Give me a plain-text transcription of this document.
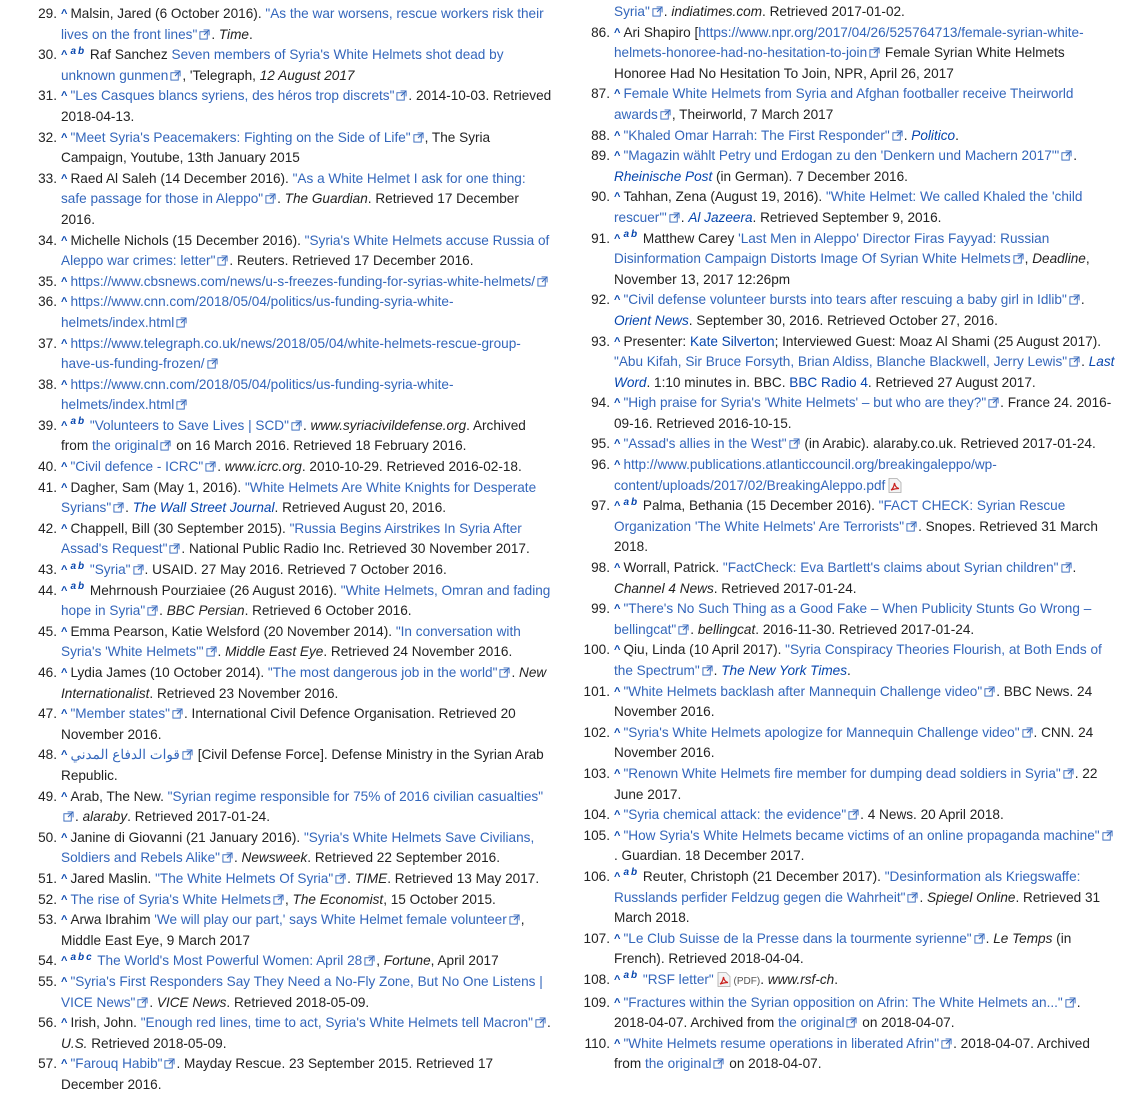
29. ^ Malsin, Jared (6 October 2016). "As the war worsens, rescue workers risk their lives on the front lines" . Time.
30. ^ $^a$ $^b$ Raf Sanchez Seven members of Syria's White Helmets shot dead by unknown gunmen , 'Telegraph, 12 August 2017
31. ^ "Les Casques blancs syriens, des héros trop discrets" . 2014-10-03. Retrieved 2018-04-13.
32. ^ "Meet Syria's Peacemakers: Fighting on the Side of Life" , The Syria Campaign, Youtube, 13th January 2015
33. ^ Raed Al Saleh (14 December 2016). "As a White Helmet I ask for one thing: safe passage for those in Aleppo" . The Guardian. Retrieved 17 December 2016.
34. ^ Michelle Nichols (15 December 2016). "Syria's White Helmets accuse Russia of Aleppo war crimes: letter" . Reuters. Retrieved 17 December 2016.
35. ^ https://www.cbsnews.com/news/u-s-freezes-funding-for-syrias-white-helmets/
36. ^ https://www.cnn.com/2018/05/04/politics/us-funding-syria-white-helmets/index.html
37. ^ https://www.telegraph.co.uk/news/2018/05/04/white-helmets-rescue-group-have-us-funding-frozen/
38. ^ https://www.cnn.com/2018/05/04/politics/us-funding-syria-white-helmets/index.html
39. ^ $^a$ $^b$ "Volunteers to Save Lives | SCD" . www.syriacivildefense.org. Archived from the original on 16 March 2016. Retrieved 18 February 2016.
40. ^ "Civil defence - ICRC" . www.icrc.org. 2010-10-29. Retrieved 2016-02-18.
41. ^ Dagher, Sam (May 1, 2016). "White Helmets Are White Knights for Desperate Syrians" . The Wall Street Journal. Retrieved August 20, 2016.
42. ^ Chappell, Bill (30 September 2015). "Russia Begins Airstrikes In Syria After Assad's Request" . National Public Radio Inc. Retrieved 30 November 2017.
43. ^ $^a$ $^b$ "Syria" . USAID. 27 May 2016. Retrieved 7 October 2016.
44. ^ $^a$ $^b$ Mehrnoush Pourziaiee (26 August 2016). "White Helmets, Omran and fading hope in Syria" . BBC Persian. Retrieved 6 October 2016.
45. ^ Emma Pearson, Katie Welsford (20 November 2014). "In conversation with Syria's 'White Helmets'" . Middle East Eye. Retrieved 24 November 2016.
46. ^ Lydia James (10 October 2014). "The most dangerous job in the world" . New Internationalist. Retrieved 23 November 2016.
47. ^ "Member states" . International Civil Defence Organisation. Retrieved 20 November 2016.
48. ^ قوات الدفاع المدني [Civil Defense Force]. Defense Ministry in the Syrian Arab Republic.
49. ^ Arab, The New. "Syrian regime responsible for 75% of 2016 civilian casualties". alaraby. Retrieved 2017-01-24.
50. ^ Janine di Giovanni (21 January 2016). "Syria's White Helmets Save Civilians, Soldiers and Rebels Alike" . Newsweek. Retrieved 22 September 2016.
51. ^ Jared Maslin. "The White Helmets Of Syria" . TIME. Retrieved 13 May 2017.
52. ^ The rise of Syria's White Helmets , The Economist, 15 October 2015.
53. ^ Arwa Ibrahim 'We will play our part,' says White Helmet female volunteer , Middle East Eye, 9 March 2017
54. ^ $^a$ $^b$ $^c$ The World's Most Powerful Women: April 28 , Fortune, April 2017
55. ^ "Syria's First Responders Say They Need a No-Fly Zone, But No One Listens | VICE News" . VICE News. Retrieved 2018-05-09.
56. ^ Irish, John. "Enough red lines, time to act, Syria's White Helmets tell Macron" . U.S. Retrieved 2018-05-09.
57. ^ "Farouq Habib" . Mayday Rescue. 23 September 2015. Retrieved 17 December 2016.
Syria" . indiatimes.com. Retrieved 2017-01-02.
86. ^ Ari Shapiro [https://www.npr.org/2017/04/26/525764713/female-syrian-white-helmets-honoree-had-no-hesitation-to-join Female Syrian White Helmets Honoree Had No Hesitation To Join, NPR, April 26, 2017
87. ^ Female White Helmets from Syria and Afghan footballer receive Theirworld awards , Theirworld, 7 March 2017
88. ^ "Khaled Omar Harrah: The First Responder" . Politico.
89. ^ "Magazin wählt Petry und Erdogan zu den 'Denkern und Machern 2017'" . Rheinische Post (in German). 7 December 2016.
90. ^ Tahhan, Zena (August 19, 2016). "White Helmet: We called Khaled the 'child rescuer'" . Al Jazeera. Retrieved September 9, 2016.
91. ^ $^a$ $^b$ Matthew Carey 'Last Men in Aleppo' Director Firas Fayyad: Russian Disinformation Campaign Distorts Image Of Syrian White Helmets , Deadline, November 13, 2017 12:26pm
92. ^ "Civil defense volunteer bursts into tears after rescuing a baby girl in Idlib" . Orient News. September 30, 2016. Retrieved October 27, 2016.
93. ^ Presenter: Kate Silverton; Interviewed Guest: Moaz Al Shami (25 August 2017). "Abu Kifah, Sir Bruce Forsyth, Brian Aldiss, Blanche Blackwell, Jerry Lewis" . Last Word. 1:10 minutes in. BBC. BBC Radio 4. Retrieved 27 August 2017.
94. ^ "High praise for Syria's 'White Helmets' – but who are they?" . France 24. 2016-09-16. Retrieved 2016-10-15.
95. ^ "Assad's allies in the West" (in Arabic). alaraby.co.uk. Retrieved 2017-01-24.
96. ^ http://www.publications.atlanticcouncil.org/breakingaleppo/wp-content/uploads/2017/02/BreakingAleppo.pdf
97. ^ $^a$ $^b$ Palma, Bethania (15 December 2016). "FACT CHECK: Syrian Rescue Organization 'The White Helmets' Are Terrorists" . Snopes. Retrieved 31 March 2018.
98. ^ Worrall, Patrick. "FactCheck: Eva Bartlett's claims about Syrian children" . Channel 4 News. Retrieved 2017-01-24.
99. ^ "There's No Such Thing as a Good Fake – When Publicity Stunts Go Wrong – bellingcat" . bellingcat. 2016-11-30. Retrieved 2017-01-24.
100. ^ Qiu, Linda (10 April 2017). "Syria Conspiracy Theories Flourish, at Both Ends of the Spectrum" . The New York Times.
101. ^ "White Helmets backlash after Mannequin Challenge video" . BBC News. 24 November 2016.
102. ^ "Syria's White Helmets apologize for Mannequin Challenge video" . CNN. 24 November 2016.
103. ^ "Renown White Helmets fire member for dumping dead soldiers in Syria" . 22 June 2017.
104. ^ "Syria chemical attack: the evidence" . 4 News. 20 April 2018.
105. ^ "How Syria's White Helmets became victims of an online propaganda machine". Guardian. 18 December 2017.
106. ^ $^a$ $^b$ Reuter, Christoph (21 December 2017). "Desinformation als Kriegswaffe: Russlands perfider Feldzug gegen die Wahrheit" . Spiegel Online. Retrieved 31 March 2018.
107. ^ "Le Club Suisse de la Presse dans la tourmente syrienne" . Le Temps (in French). Retrieved 2018-04-04.
108. ^ $^a$ $^b$ "RSF letter" (PDF). www.rsf-ch.
109. ^ "Fractures within the Syrian opposition on Afrin: The White Helmets an..." . 2018-04-07. Archived from the original on 2018-04-07.
110. ^ "White Helmets resume operations in liberated Afrin" . 2018-04-07. Archived from the original on 2018-04-07.
